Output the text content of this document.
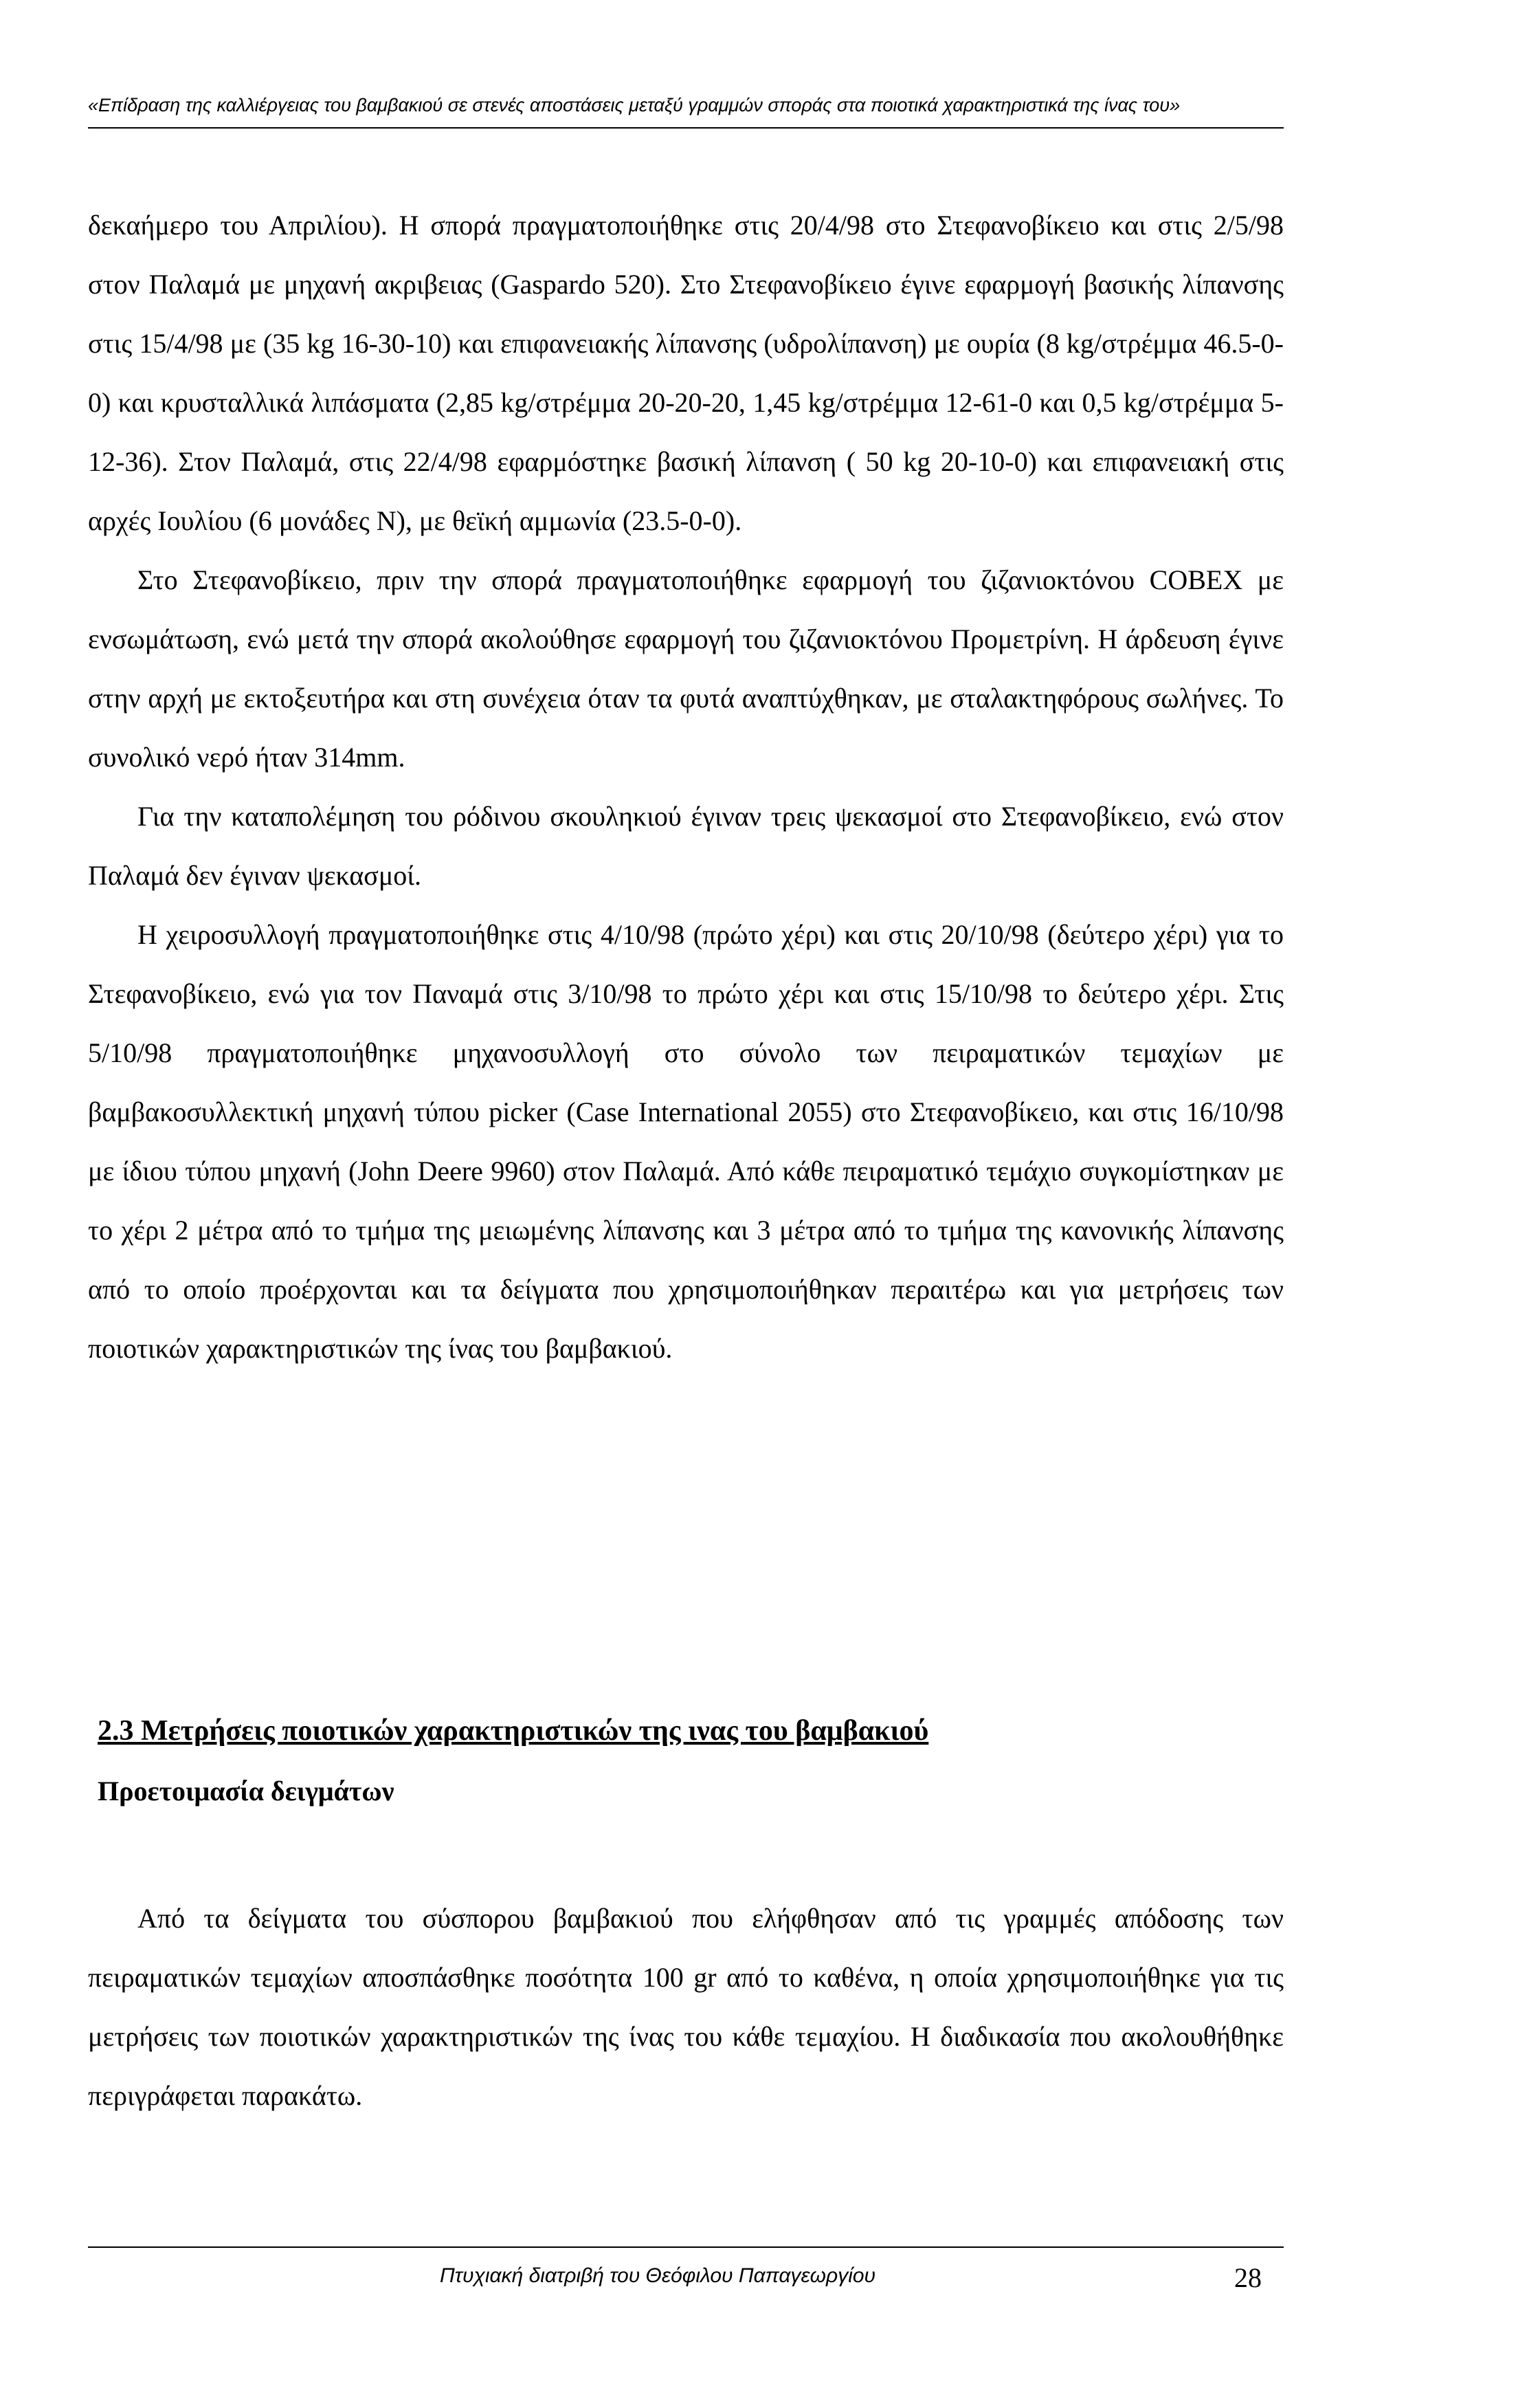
«Επίδραση της καλλιέργειας του βαμβακιού σε στενές αποστάσεις μεταξύ γραμμών σποράς στα ποιοτικά χαρακτηριστικά της ίνας του»

δεκαήμερο του Απριλίου). Η σπορά πραγματοποιήθηκε στις 20/4/98 στο Στεφανοβίκειο και στις 2/5/98 στον Παλαμά με μηχανή ακριβειας (Gaspardo 520). Στο Στεφανοβίκειο έγινε εφαρμογή βασικής λίπανσης στις 15/4/98 με (35 kg 16-30-10) και επιφανειακής λίπανσης (υδρολίπανση) με ουρία (8 kg/στρέμμα 46.5-0-0) και κρυσταλλικά λιπάσματα (2,85 kg/στρέμμα 20-20-20, 1,45 kg/στρέμμα 12-61-0 και 0,5 kg/στρέμμα 5-12-36). Στον Παλαμά, στις 22/4/98 εφαρμόστηκε βασική λίπανση ( 50 kg 20-10-0) και επιφανειακή στις αρχές Ιουλίου (6 μονάδες Ν), με θεϊκή αμμωνία (23.5-0-0).

Στο Στεφανοβίκειο, πριν την σπορά πραγματοποιήθηκε εφαρμογή του ζιζανιοκτόνου COBEX με ενσωμάτωση, ενώ μετά την σπορά ακολούθησε εφαρμογή του ζιζανιοκτόνου Προμετρίνη. Η άρδευση έγινε στην αρχή με εκτοξευτήρα και στη συνέχεια όταν τα φυτά αναπτύχθηκαν, με σταλακτηφόρους σωλήνες. Το συνολικό νερό ήταν 314mm.

Για την καταπολέμηση του ρόδινου σκουληκιού έγιναν τρεις ψεκασμοί στο Στεφανοβίκειο, ενώ στον Παλαμά δεν έγιναν ψεκασμοί.

Η χειροσυλλογή πραγματοποιήθηκε στις 4/10/98 (πρώτο χέρι) και στις 20/10/98 (δεύτερο χέρι) για το Στεφανοβίκειο, ενώ για τον Παναμά στις 3/10/98 το πρώτο χέρι και στις 15/10/98 το δεύτερο χέρι. Στις 5/10/98 πραγματοποιήθηκε μηχανοσυλλογή στο σύνολο των πειραματικών τεμαχίων με βαμβακοσυλλεκτική μηχανή τύπου picker (Case International 2055) στο Στεφανοβίκειο, και στις 16/10/98 με ίδιου τύπου μηχανή (John Deere 9960) στον Παλαμά. Από κάθε πειραματικό τεμάχιο συγκομίστηκαν με το χέρι 2 μέτρα από το τμήμα της μειωμένης λίπανσης και 3 μέτρα από το τμήμα της κανονικής λίπανσης από το οποίο προέρχονται και τα δείγματα που χρησιμοποιήθηκαν περαιτέρω και για μετρήσεις των ποιοτικών χαρακτηριστικών της ίνας του βαμβακιού.

2.3 Μετρήσεις ποιοτικών χαρακτηριστικών της ινας του βαμβακιού
Προετοιμασία δειγμάτων

Από τα δείγματα του σύσπορου βαμβακιού που ελήφθησαν από τις γραμμές απόδοσης των πειραματικών τεμαχίων αποσπάσθηκε ποσότητα 100 gr από το καθένα, η οποία χρησιμοποιήθηκε για τις μετρήσεις των ποιοτικών χαρακτηριστικών της ίνας του κάθε τεμαχίου. Η διαδικασία που ακολουθήθηκε περιγράφεται παρακάτω.

Πτυχιακή διατριβή του Θεόφιλου Παπαγεωργίου	28
